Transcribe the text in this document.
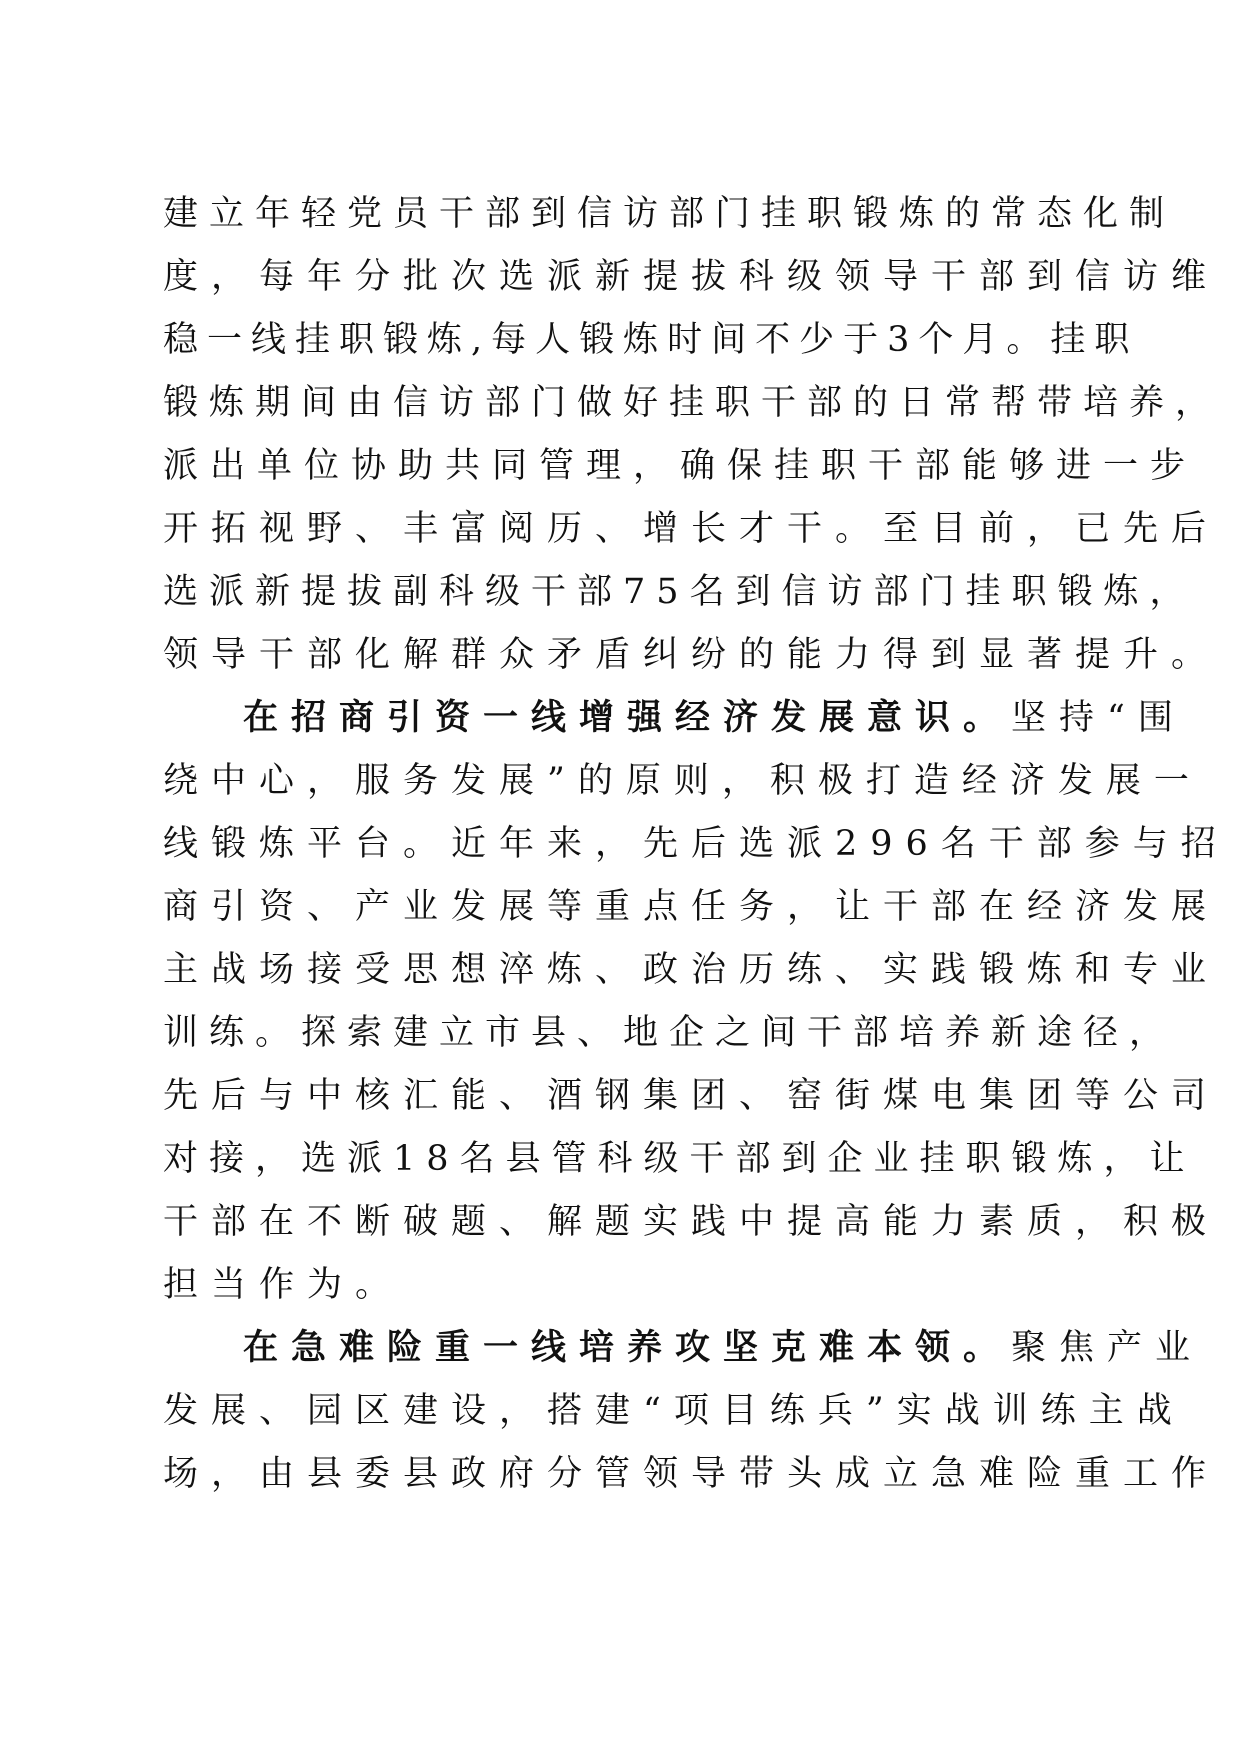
建立年轻党员干部到信访部门挂职锻炼的常态化制
度，每年分批次选派新提拔科级领导干部到信访维
稳一线挂职锻炼,每人锻炼时间不少于3个月。挂职
锻炼期间由信访部门做好挂职干部的日常帮带培养，
派出单位协助共同管理，确保挂职干部能够进一步
开拓视野、丰富阅历、增长才干。至目前，已先后
选派新提拔副科级干部75名到信访部门挂职锻炼，
领导干部化解群众矛盾纠纷的能力得到显著提升。
在招商引资一线增强经济发展意识。坚持“围
绕中心，服务发展”的原则，积极打造经济发展一
线锻炼平台。近年来，先后选派296名干部参与招
商引资、产业发展等重点任务，让干部在经济发展
主战场接受思想淬炼、政治历练、实践锻炼和专业
训练。探索建立市县、地企之间干部培养新途径，
先后与中核汇能、酒钢集团、窑街煤电集团等公司
对接，选派18名县管科级干部到企业挂职锻炼，让
干部在不断破题、解题实践中提高能力素质，积极
担当作为。
在急难险重一线培养攻坚克难本领。聚焦产业
发展、园区建设，搭建“项目练兵”实战训练主战
场，由县委县政府分管领导带头成立急难险重工作
